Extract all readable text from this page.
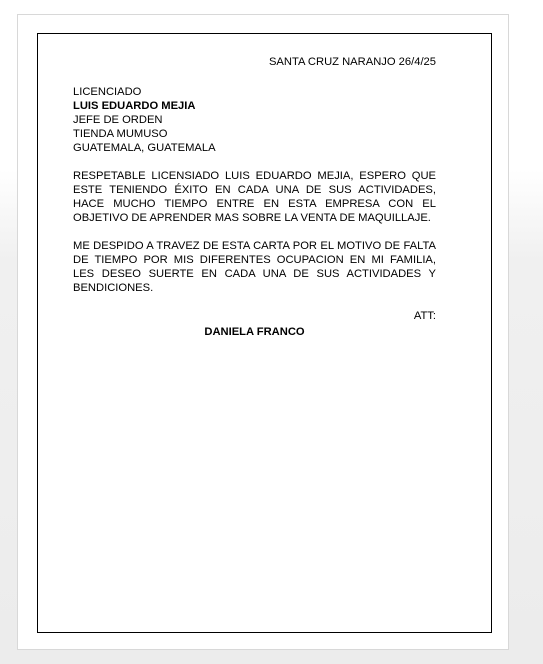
SANTA CRUZ NARANJO 26/4/25
LICENCIADO
LUIS EDUARDO MEJIA
JEFE DE ORDEN
TIENDA MUMUSO
GUATEMALA, GUATEMALA
RESPETABLE LICENSIADO LUIS EDUARDO MEJIA, ESPERO QUE ESTE TENIENDO ÉXITO EN CADA UNA DE SUS ACTIVIDADES, HACE MUCHO TIEMPO ENTRE EN ESTA EMPRESA CON EL OBJETIVO DE APRENDER MAS SOBRE LA VENTA DE MAQUILLAJE.
ME DESPIDO A TRAVEZ DE ESTA CARTA POR EL MOTIVO DE FALTA DE TIEMPO POR MIS DIFERENTES OCUPACION EN MI FAMILIA, LES DESEO SUERTE EN CADA UNA DE SUS ACTIVIDADES Y BENDICIONES.
ATT:
DANIELA FRANCO
